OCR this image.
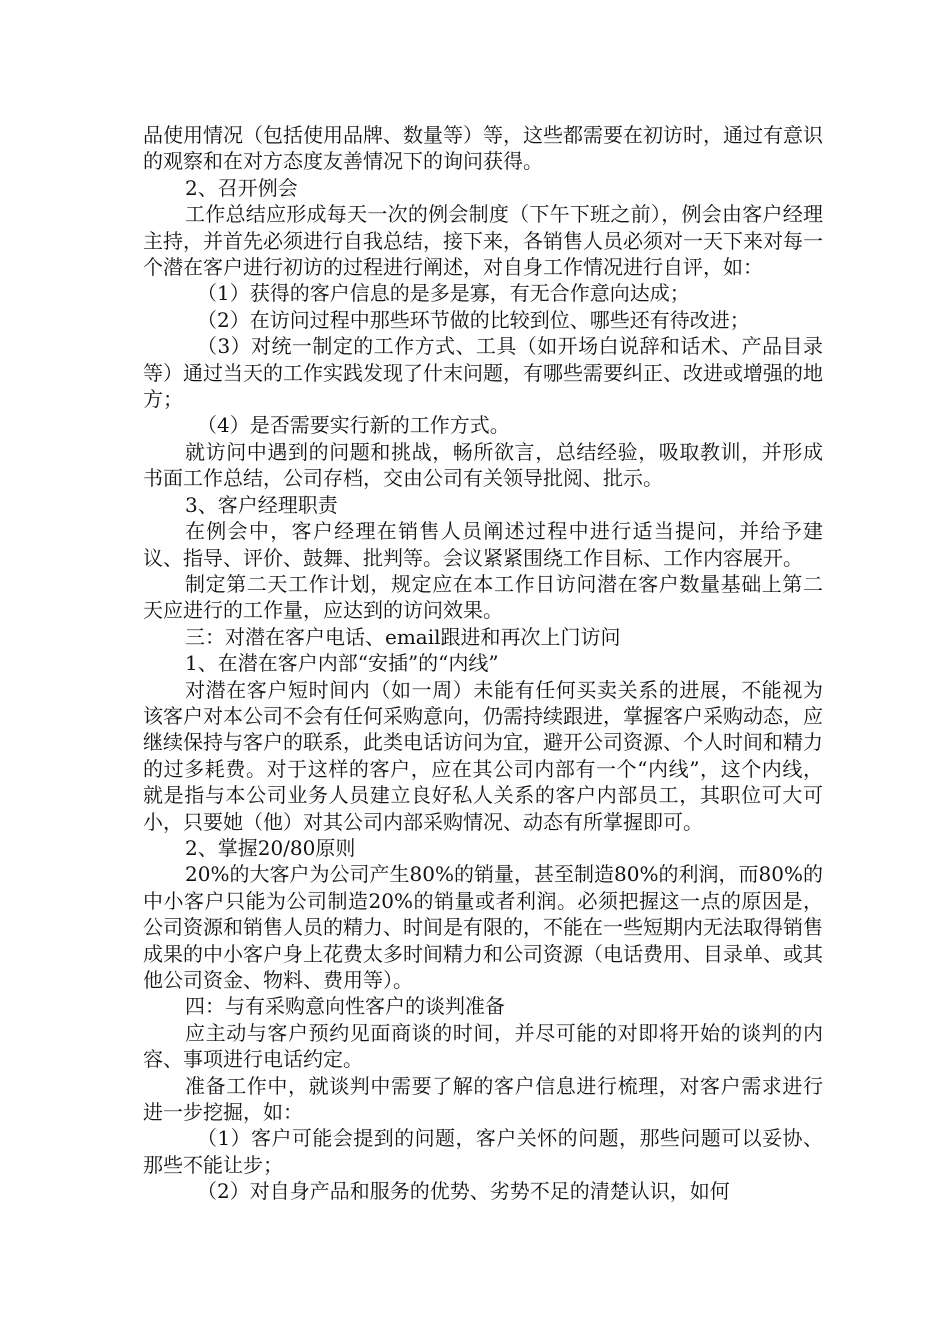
品使用情况（包括使用品牌、数量等）等，这些都需要在初访时，通过有意识的观察和在对方态度友善情况下的询问获得。

2、召开例会

工作总结应形成每天一次的例会制度（下午下班之前），例会由客户经理主持，并首先必须进行自我总结，接下来，各销售人员必须对一天下来对每一个潜在客户进行初访的过程进行阐述，对自身工作情况进行自评，如：

（1）获得的客户信息的是多是寡，有无合作意向达成；

（2）在访问过程中那些环节做的比较到位、哪些还有待改进；

（3）对统一制定的工作方式、工具（如开场白说辞和话术、产品目录等）通过当天的工作实践发现了什末问题，有哪些需要纠正、改进或增强的地方；

（4）是否需要实行新的工作方式。

就访问中遇到的问题和挑战，畅所欲言，总结经验，吸取教训，并形成书面工作总结，公司存档，交由公司有关领导批阅、批示。

3、客户经理职责

在例会中，客户经理在销售人员阐述过程中进行适当提问，并给予建议、指导、评价、鼓舞、批判等。会议紧紧围绕工作目标、工作内容展开。

制定第二天工作计划，规定应在本工作日访问潜在客户数量基础上第二天应进行的工作量，应达到的访问效果。

三：对潜在客户电话、email跟进和再次上门访问

1、在潜在客户内部“安插”的“内线”

对潜在客户短时间内（如一周）未能有任何买卖关系的进展，不能视为该客户对本公司不会有任何采购意向，仍需持续跟进，掌握客户采购动态，应继续保持与客户的联系，此类电话访问为宜，避开公司资源、个人时间和精力的过多耗费。对于这样的客户，应在其公司内部有一个“内线”，这个内线，就是指与本公司业务人员建立良好私人关系的客户内部员工，其职位可大可小，只要她（他）对其公司内部采购情况、动态有所掌握即可。

2、掌握20/80原则

20%的大客户为公司产生80%的销量，甚至制造80%的利润，而80%的中小客户只能为公司制造20%的销量或者利润。必须把握这一点的原因是，公司资源和销售人员的精力、时间是有限的，不能在一些短期内无法取得销售成果的中小客户身上花费太多时间精力和公司资源（电话费用、目录单、或其他公司资金、物料、费用等）。

四：与有采购意向性客户的谈判准备

应主动与客户预约见面商谈的时间，并尽可能的对即将开始的谈判的内容、事项进行电话约定。

准备工作中，就谈判中需要了解的客户信息进行梳理，对客户需求进行进一步挖掘，如：

（1）客户可能会提到的问题，客户关怀的问题，那些问题可以妥协、那些不能让步；

（2）对自身产品和服务的优势、劣势不足的清楚认识，如何
